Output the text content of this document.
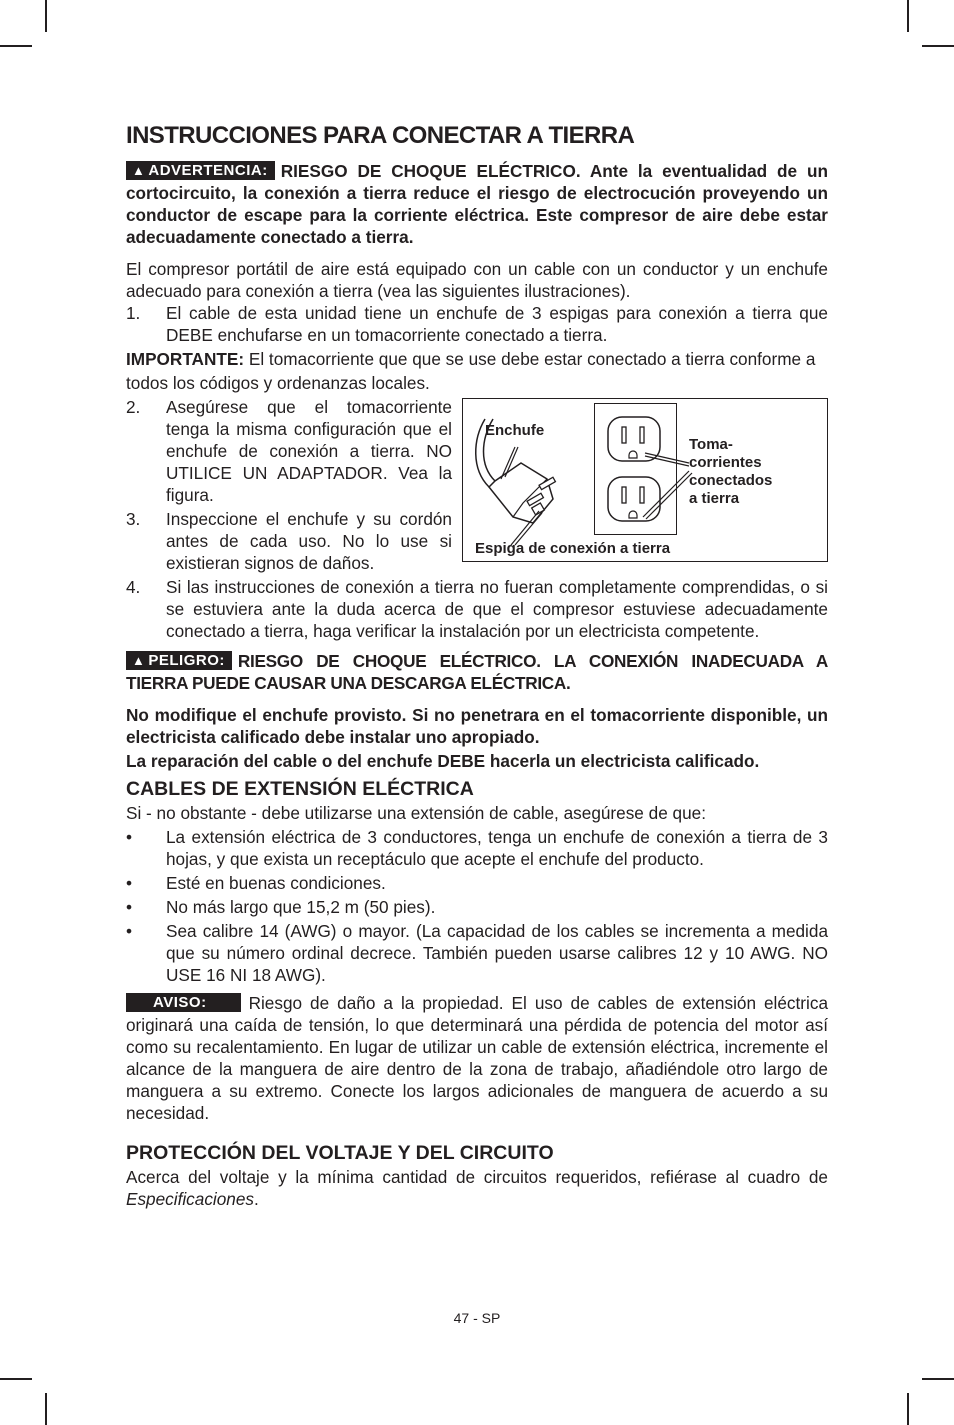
INSTRUCCIONES PARA CONECTAR A TIERRA

▲ ADVERTENCIA: RIESGO DE CHOQUE ELÉCTRICO. Ante la eventualidad de un cortocircuito, la conexión a tierra reduce el riesgo de electrocución proveyendo un conductor de escape para la corriente eléctrica. Este compresor de aire debe estar adecuadamente conectado a tierra.

El compresor portátil de aire está equipado con un cable con un conductor y un enchufe adecuado para conexión a tierra (vea las siguientes ilustraciones).

1. El cable de esta unidad tiene un enchufe de 3 espigas para conexión a tierra que DEBE enchufarse en un tomacorriente conectado a tierra.

IMPORTANTE: El tomacorriente que que se use debe estar conectado a tierra conforme a todos los códigos y ordenanzas locales.

2. Asegúrese que el tomacorriente tenga la misma configuración que el enchufe de conexión a tierra. NO UTILICE UN ADAPTADOR. Vea la figura.
3. Inspeccione el enchufe y su cordón antes de cada uso. No lo use si existieran signos de daños.
Enchufe
Toma-
corrientes
conectados
a tierra
Espiga de conexión a tierra
4. Si las instrucciones de conexión a tierra no fueran completamente comprendidas, o si se estuviera ante la duda acerca de que el compresor estuviese adecuadamente conectado a tierra, haga verificar la instalación por un electricista competente.

▲ PELIGRO: RIESGO DE CHOQUE ELÉCTRICO. LA CONEXIÓN INADECUADA A TIERRA PUEDE CAUSAR UNA DESCARGA ELÉCTRICA.

No modifique el enchufe provisto. Si no penetrara en el tomacorriente disponible, un electricista calificado debe instalar uno apropiado.

La reparación del cable o del enchufe DEBE hacerla un electricista calificado.

CABLES DE EXTENSIÓN ELÉCTRICA

Si - no obstante - debe utilizarse una extensión de cable, asegúrese de que:

• La extensión eléctrica de 3 conductores, tenga un enchufe de conexión a tierra de 3 hojas, y que exista un receptáculo que acepte el enchufe del producto.
• Esté en buenas condiciones.
• No más largo que 15,2 m (50 pies).
• Sea calibre 14 (AWG) o mayor. (La capacidad de los cables se incrementa a medida que su número ordinal decrece. También pueden usarse calibres 12 y 10 AWG. NO USE 16 NI 18 AWG).

AVISO: Riesgo de daño a la propiedad. El uso de cables de extensión eléctrica originará una caída de tensión, lo que determinará una pérdida de potencia del motor así como su recalentamiento. En lugar de utilizar un cable de extensión eléctrica, incremente el alcance de la manguera de aire dentro de la zona de trabajo, añadiéndole otro largo de manguera a su extremo. Conecte los largos adicionales de manguera de acuerdo a su necesidad.

PROTECCIÓN DEL VOLTAJE Y DEL CIRCUITO

Acerca del voltaje y la mínima cantidad de circuitos requeridos, refiérase al cuadro de Especificaciones.

47 - SP
